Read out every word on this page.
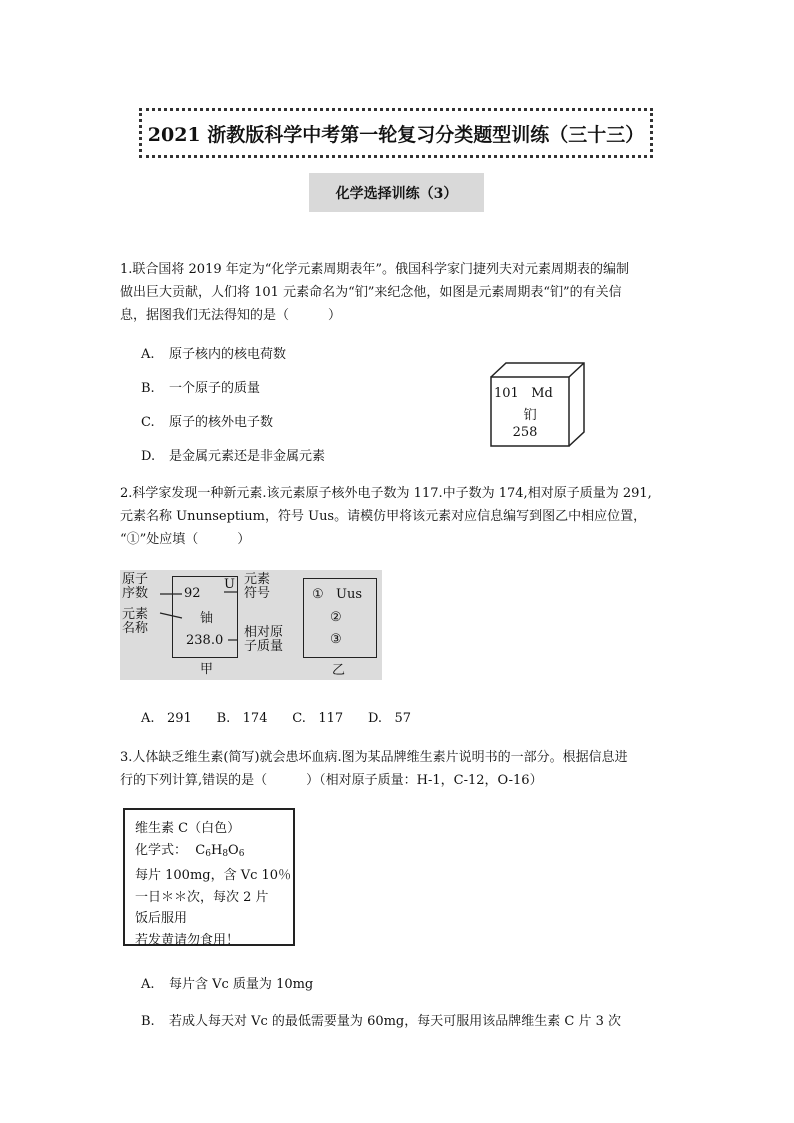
2021 浙教版科学中考第一轮复习分类题型训练（三十三）
化学选择训练（3）
1.联合国将 2019 年定为“化学元素周期表年”。俄国科学家门捷列夫对元素周期表的编制
做出巨大贡献，人们将 101 元素命名为“钔”来纪念他，如图是元素周期表“钔”的有关信
息，据图我们无法得知的是（　　　）
A. 原子核内的核电荷数
B. 一个原子的质量
C. 原子的核外电子数
D. 是金属元素还是非金属元素
101 Md
钔
258
2.科学家发现一种新元素.该元素原子核外电子数为 117.中子数为 174,相对原子质量为 291,
元素名称 Ununseptium，符号 Uus。请模仿甲将该元素对应信息编写到图乙中相应位置，
“①”处应填（　　　）
原子
序数
元素
名称
元素
符号
相对原
子质量
92
U
铀
238.0
甲
① Uus
②
③
乙
A. 291 B. 174 C. 117 D. 57
3.人体缺乏维生素(简写)就会患坏血病.图为某品牌维生素片说明书的一部分。根据信息进
行的下列计算,错误的是（　　　）（相对原子质量：H-1，C-12，O-16）
维生素 C（白色）
化学式： $C_6H_8O_6$
每片 100mg，含 Vc 10％
一日＊＊次，每次 2 片
饭后服用
若发黄请勿食用！
A. 每片含 Vc 质量为 10mg
B. 若成人每天对 Vc 的最低需要量为 60mg，每天可服用该品牌维生素 C 片 3 次
